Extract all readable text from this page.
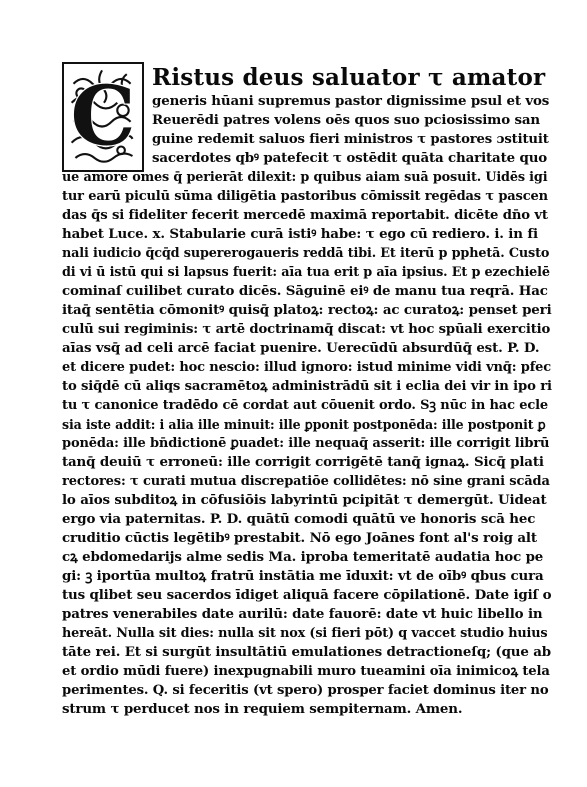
C Ristus deus saluator τ amator
generis hūani supremus pastor dignissime psul et vos
Reuerēdi patres volens oēs quos suo pciosissimo san
guine redemit saluos fieri ministros τ pastores ɔstituit
sacerdotes qbꝰ patefecit τ ostēdit quāta charitate quo
ue amore omes q̄ perierāt dilexit: p quibus aiam suā posuit. Uidēs igi
tur earū piculū sūma diligētia pastoribus cōmissit regēdas τ pascen
das q̄s si fideliter fecerit mercedē maximā reportabit. dicēte dn̄o vt
habet Luce. x. Stabularie curā istiꝰ habe: τ ego cū rediero. i. in fi
nali iudicio q̄cq̄d supererogaueris reddā tibi. Et iterū p pphetā. Custo
di vi ū istū qui si lapsus fuerit: aīa tua erit p aīa ipsius. Et p ezechielē
cominaſ cuilibet curato dicēs. Sāguinē eiꝰ de manu tua reqrā. Hac
itaq̄ sentētia cōmonitꝰ quisq̄ platoꝝ: rectoꝝ: ac curatoꝝ: penset peri
culū sui regiminis: τ artē doctrinamq̄ discat: vt hoc spūali exercitio
aīas vsq̄ ad celi arcē faciat puenire. Uerecūdū absurdūq̄ est. P. D.
et dicere pudet: hoc nescio: illud ignoro: istud minime vidi vnq̄: pfec
to siq̄dē cū aliqs sacramētoꝝ administrādū sit i eclia dei vir in ipo ri
tu τ canonice tradēdo cē cordat aut cōuenit ordo. Sꝫ nūc in hac ecle
sia iste addit: i alia ille minuit: ille ꝑponit postponēda: ille postponit ꝑ
ponēda: ille bn̄dictionē ꝑuadet: ille nequaq̄ asserit: ille corrigit librū
tanq̄ deuiū τ erroneū: ille corrigit corrigētē tanq̄ ignaꝝ. Sicq̄ plati
rectores: τ curati mutua discrepatiōe collidētes: nō sine grani scāda
lo aīos subditoꝝ in cōfusiōis labyrintū pcipitāt τ demergūt. Uideat
ergo via paternitas. P. D. quātū comodi quātū ve honoris scā hec
cruditio cūctis legētibꝰ prestabit. Nō ego Joānes font al's roig alt
cꝝ ebdomedarijs alme sedis Ma. iproba temeritatē audatia hoc pe
gi: ꝫ iportūa multoꝝ fratrū instātia me īduxit: vt de oībꝰ qbus cura
tus qlibet seu sacerdos īdiget aliquā facere cōpilationē. Date igiſ o
patres venerabiles date aurilū: date fauorē: date vt huic libello in
hereāt. Nulla sit dies: nulla sit nox (si fieri pōt) q vaccet studio huius
tāte rei. Et si surgūt insultātiū emulationes detractioneſq; (que ab
et ordio mūdi fuere) inexpugnabili muro tueamini oīa inimicoꝝ tela
perimentes. Q. si feceritis (vt spero) prosper faciet dominus iter no
strum τ perducet nos in requiem sempiternam. Amen.
